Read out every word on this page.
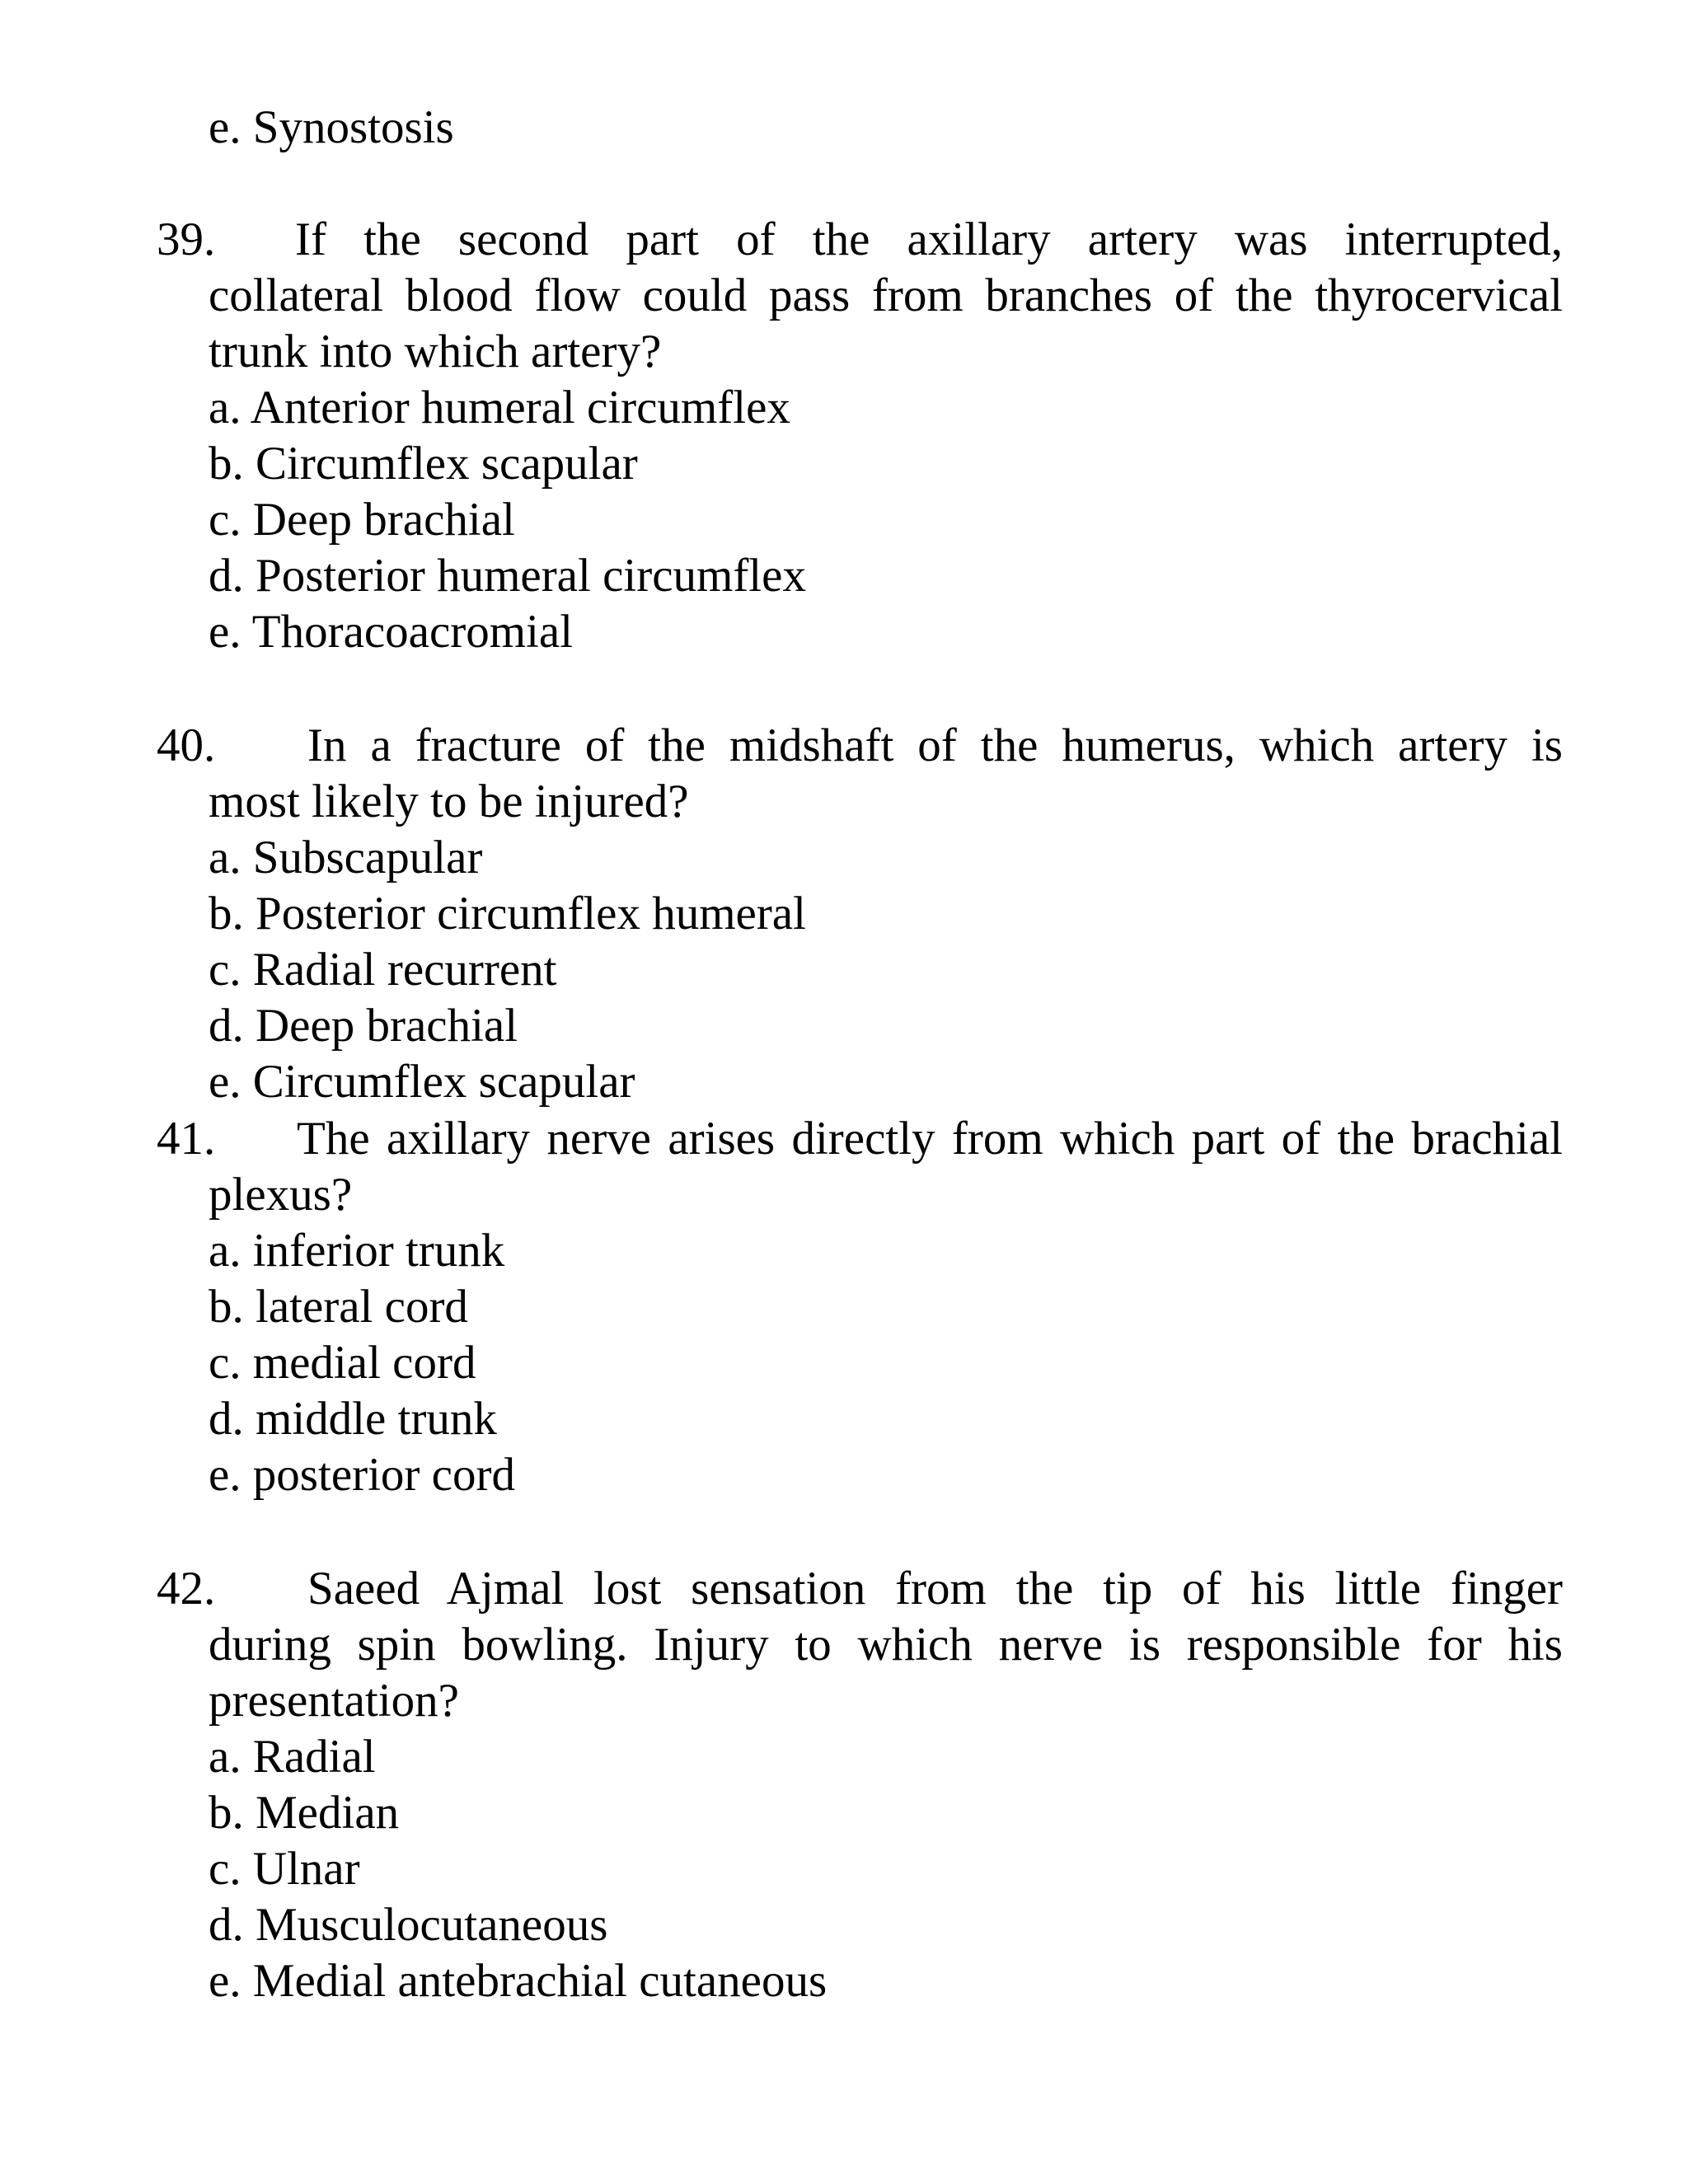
e. Synostosis
39. If the second part of the axillary artery was interrupted,
collateral blood flow could pass from branches of the thyrocervical
trunk into which artery?
a. Anterior humeral circumflex
b. Circumflex scapular
c. Deep brachial
d. Posterior humeral circumflex
e. Thoracoacromial
40. In a fracture of the midshaft of the humerus, which artery is
most likely to be injured?
a. Subscapular
b. Posterior circumflex humeral
c. Radial recurrent
d. Deep brachial
e. Circumflex scapular
41. The axillary nerve arises directly from which part of the brachial
plexus?
a. inferior trunk
b. lateral cord
c. medial cord
d. middle trunk
e. posterior cord
42. Saeed Ajmal lost sensation from the tip of his little finger
during spin bowling. Injury to which nerve is responsible for his
presentation?
a. Radial
b. Median
c. Ulnar
d. Musculocutaneous
e. Medial antebrachial cutaneous
